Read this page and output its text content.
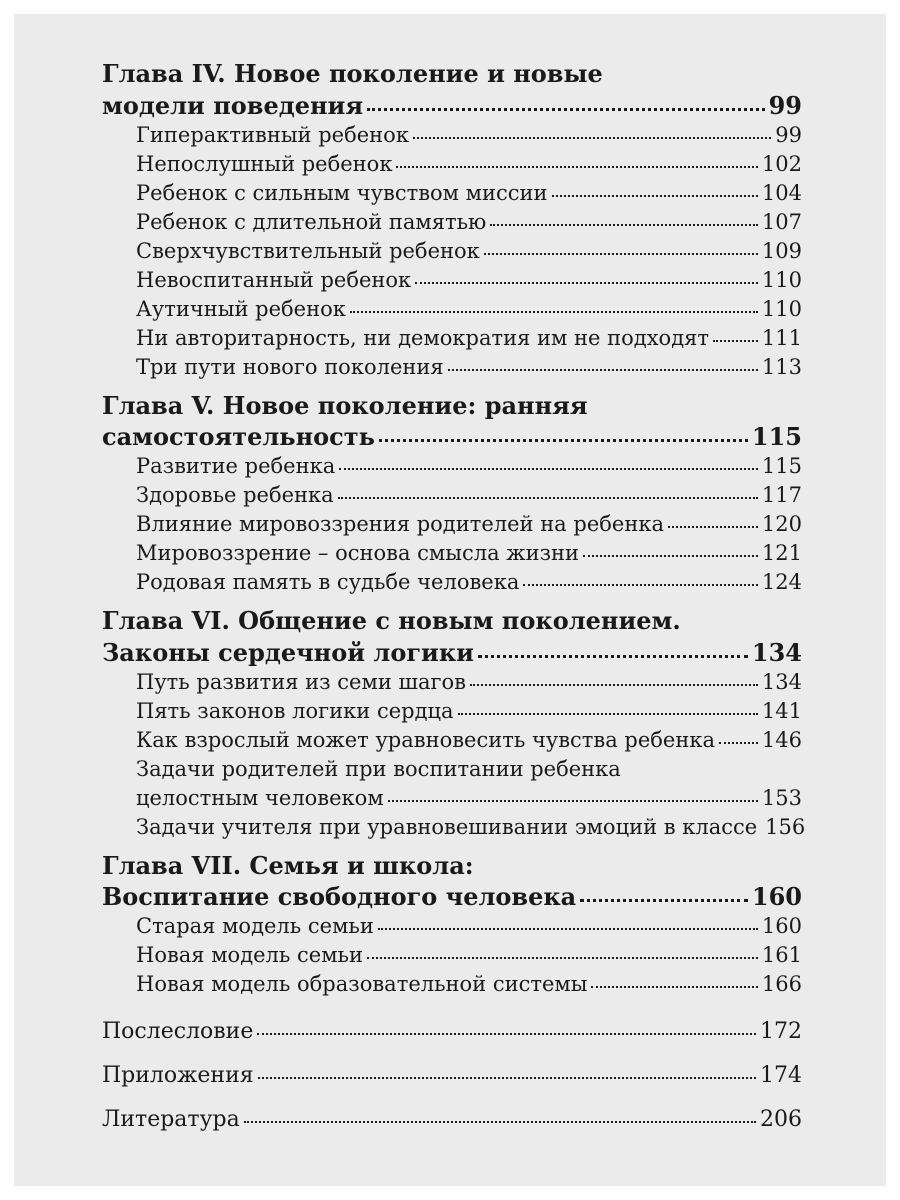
Глава IV. Новое поколение и новые
модели поведения	99
Гиперактивный ребенок	99
Непослушный ребенок	102
Ребенок с сильным чувством миссии	104
Ребенок с длительной памятью	107
Сверхчувствительный ребенок	109
Невоспитанный ребенок	110
Аутичный ребенок	110
Ни авторитарность, ни демократия им не подходят	111
Три пути нового поколения	113
Глава V. Новое поколение: ранняя
самостоятельность	115
Развитие ребенка	115
Здоровье ребенка	117
Влияние мировоззрения родителей на ребенка	120
Мировоззрение – основа смысла жизни	121
Родовая память в судьбе человека	124
Глава VI. Общение с новым поколением.
Законы сердечной логики	134
Путь развития из семи шагов	134
Пять законов логики сердца	141
Как взрослый может уравновесить чувства ребенка 146
Задачи родителей при воспитании ребенка
целостным человеком	153
Задачи учителя при уравновешивании эмоций в классе 156
Глава VII. Семья и школа:
Воспитание свободного человека	160
Старая модель семьи	160
Новая модель семьи	161
Новая модель образовательной системы	166
Послесловие	172
Приложения	174
Литература	206
